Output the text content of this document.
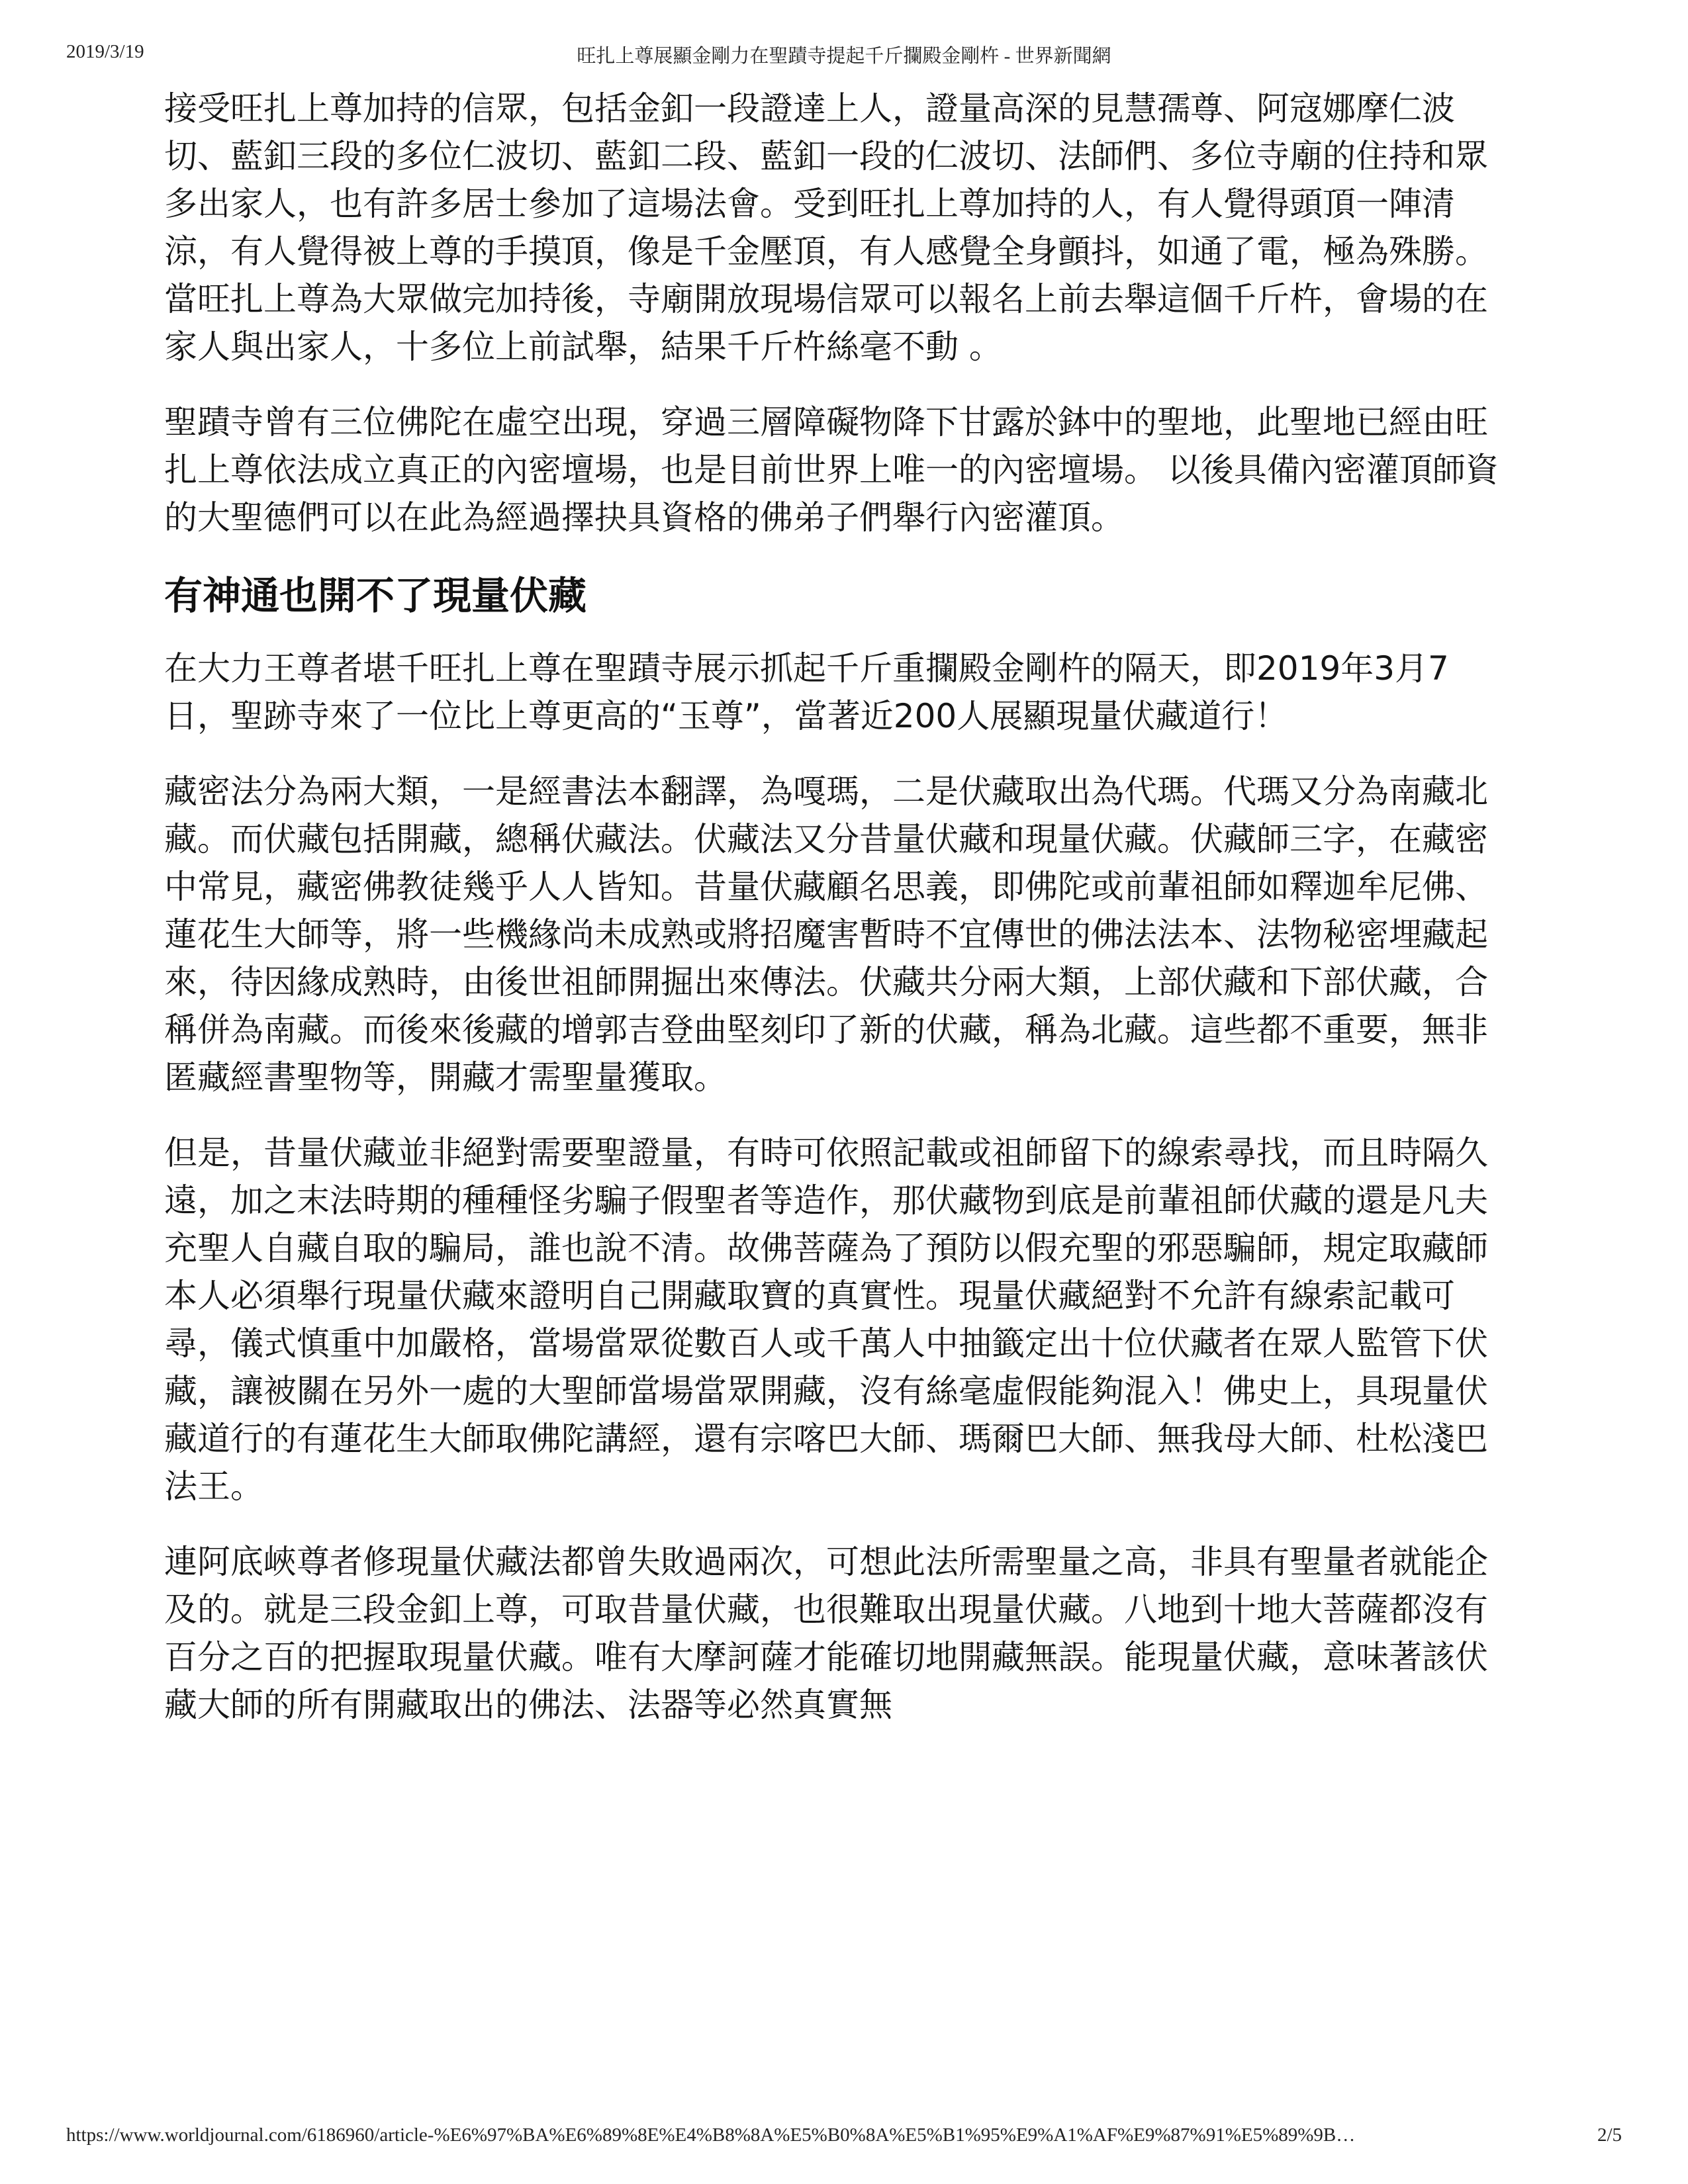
2019/3/19	旺扎上尊展顯金剛力在聖蹟寺提起千斤攔殿金剛杵 - 世界新聞網

接受旺扎上尊加持的信眾，包括金釦一段證達上人，證量高深的見慧孺尊、阿寇娜摩仁波切、藍釦三段的多位仁波切、藍釦二段、藍釦一段的仁波切、法師們、多位寺廟的住持和眾多出家人，也有許多居士參加了這場法會。受到旺扎上尊加持的人，有人覺得頭頂一陣清涼，有人覺得被上尊的手摸頂，像是千金壓頂，有人感覺全身顫抖，如通了電，極為殊勝。當旺扎上尊為大眾做完加持後，寺廟開放現場信眾可以報名上前去舉這個千斤杵，會場的在家人與出家人，十多位上前試舉，結果千斤杵絲毫不動 。

聖蹟寺曾有三位佛陀在虛空出現，穿過三層障礙物降下甘露於鉢中的聖地，此聖地已經由旺扎上尊依法成立真正的內密壇場，也是目前世界上唯一的內密壇場。 以後具備內密灌頂師資的大聖德們可以在此為經過擇抉具資格的佛弟子們舉行內密灌頂。

有神通也開不了現量伏藏

在大力王尊者堪千旺扎上尊在聖蹟寺展示抓起千斤重攔殿金剛杵的隔天，即2019年3月7日，聖跡寺來了一位比上尊更高的“玉尊”，當著近200人展顯現量伏藏道行！

藏密法分為兩大類，一是經書法本翻譯，為嘎瑪，二是伏藏取出為代瑪。代瑪又分為南藏北藏。而伏藏包括開藏，總稱伏藏法。伏藏法又分昔量伏藏和現量伏藏。伏藏師三字，在藏密中常見，藏密佛教徒幾乎人人皆知。昔量伏藏顧名思義，即佛陀或前輩祖師如釋迦牟尼佛、蓮花生大師等，將一些機緣尚未成熟或將招魔害暫時不宜傳世的佛法法本、法物秘密埋藏起來，待因緣成熟時，由後世祖師開掘出來傳法。伏藏共分兩大類，上部伏藏和下部伏藏，合稱併為南藏。而後來後藏的增郭吉登曲堅刻印了新的伏藏，稱為北藏。這些都不重要，無非匿藏經書聖物等，開藏才需聖量獲取。

但是，昔量伏藏並非絕對需要聖證量，有時可依照記載或祖師留下的線索尋找，而且時隔久遠，加之末法時期的種種怪劣騙子假聖者等造作，那伏藏物到底是前輩祖師伏藏的還是凡夫充聖人自藏自取的騙局，誰也說不清。故佛菩薩為了預防以假充聖的邪惡騙師，規定取藏師本人必須舉行現量伏藏來證明自己開藏取寶的真實性。現量伏藏絕對不允許有線索記載可尋，儀式慎重中加嚴格，當場當眾從數百人或千萬人中抽籤定出十位伏藏者在眾人監管下伏藏，讓被關在另外一處的大聖師當場當眾開藏，沒有絲毫虛假能夠混入！佛史上，具現量伏藏道行的有蓮花生大師取佛陀講經，還有宗喀巴大師、瑪爾巴大師、無我母大師、杜松淺巴法王。

連阿底峽尊者修現量伏藏法都曾失敗過兩次，可想此法所需聖量之高，非具有聖量者就能企及的。就是三段金釦上尊，可取昔量伏藏，也很難取出現量伏藏。八地到十地大菩薩都沒有百分之百的把握取現量伏藏。唯有大摩訶薩才能確切地開藏無誤。能現量伏藏，意味著該伏藏大師的所有開藏取出的佛法、法器等必然真實無

https://www.worldjournal.com/6186960/article-%E6%97%BA%E6%89%8E%E4%B8%8A%E5%B0%8A%E5%B1%95%E9%A1%AF%E9%87%91%E5%89%9B…	2/5
